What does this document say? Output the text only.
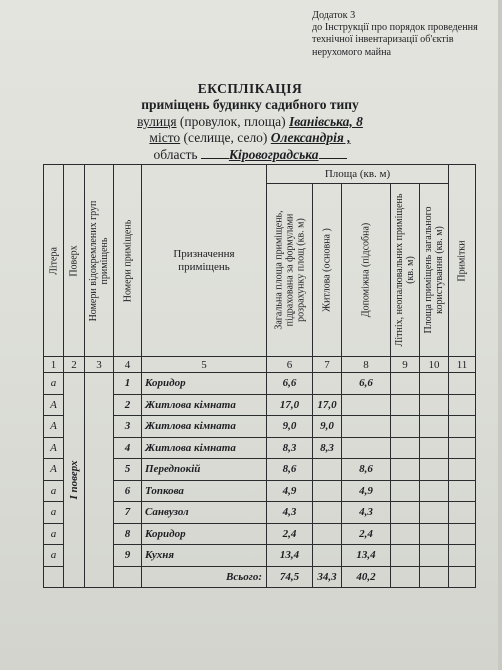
Додаток 3
до Інструкції про порядок проведення
технічної інвентаризації об'єктів
нерухомого майна
ЕКСПЛІКАЦІЯ
приміщень будинку садибного типу
вулиця (провулок, площа) Іванівська, 8
місто (селище, село) Олександрія ,
область Кіровоградська
Літера	Поверх	Номери відокремлених груп приміщень	Номери приміщень	Призначення приміщень	Площа (кв. м)					Примітки

					Загальна площа приміщень, підрахована за формулами розрахунку площ (кв. м)	Житлова (основна )	Допоміжна (підсобна)	Літніх, неопалювальних приміщень (кв. м)	Площа приміщень загального користування (кв. м)	

1	2	3	4	5	6	7	8	9	10	11
а	І поверх		1	Коридор	6,6		6,6			
А			2	Житлова кімната	17,0	17,0				
А			3	Житлова кімната	9,0	9,0				
А			4	Житлова кімната	8,3	8,3				
А			5	Передпокій	8,6		8,6			
а			6	Топкова	4,9		4,9			
а			7	Санвузол	4,3		4,3			
а			8	Коридор	2,4		2,4			
а			9	Кухня	13,4		13,4			
				Всього:	74,5	34,3	40,2			
